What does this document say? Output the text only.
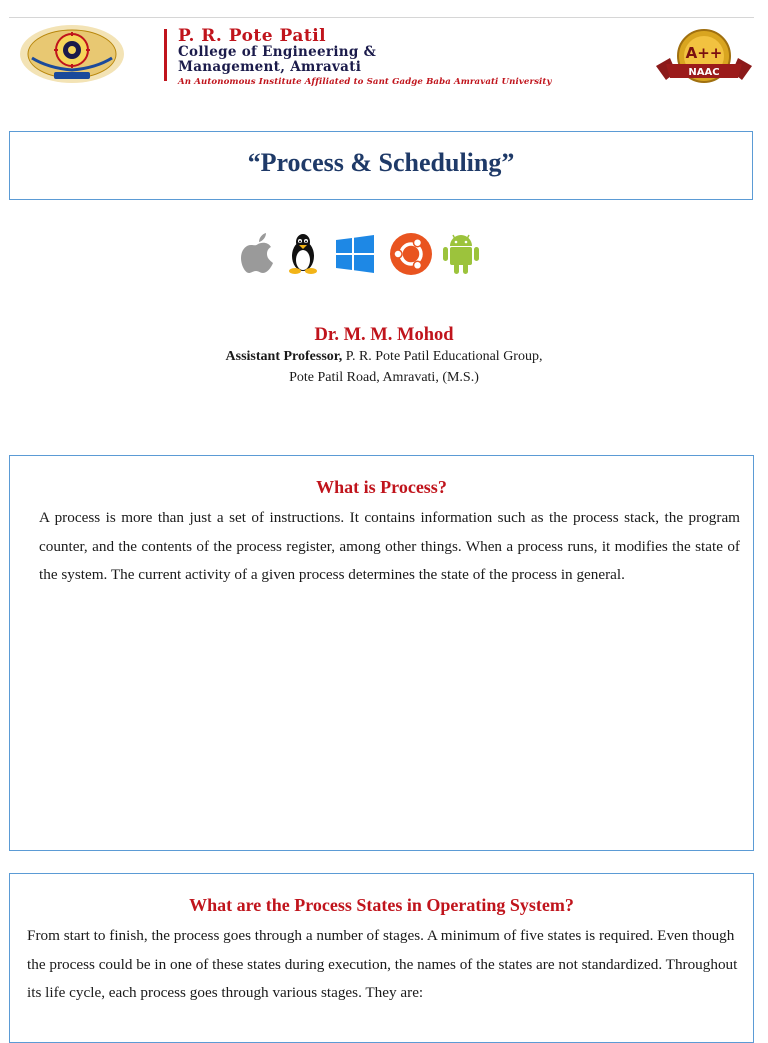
P. R. Pote Patil
College of Engineering &
Management, Amravati
An Autonomous Institute Affiliated to Sant Gadge Baba Amravati University
A++
NAAC
“Process & Scheduling”
Dr. M. M. Mohod
Assistant Professor, P. R. Pote Patil Educational Group,
Pote Patil Road, Amravati, (M.S.)
What is Process?

A process is more than just a set of instructions. It contains information such as the process stack, the program counter, and the contents of the process register, among other things. When a process runs, it modifies the state of the system. The current activity of a given process determines the state of the process in general.

What are the Process States in Operating System?

From start to finish, the process goes through a number of stages. A minimum of five states is required. Even though the process could be in one of these states during execution, the names of the states are not standardized. Throughout its life cycle, each process goes through various stages. They are:
